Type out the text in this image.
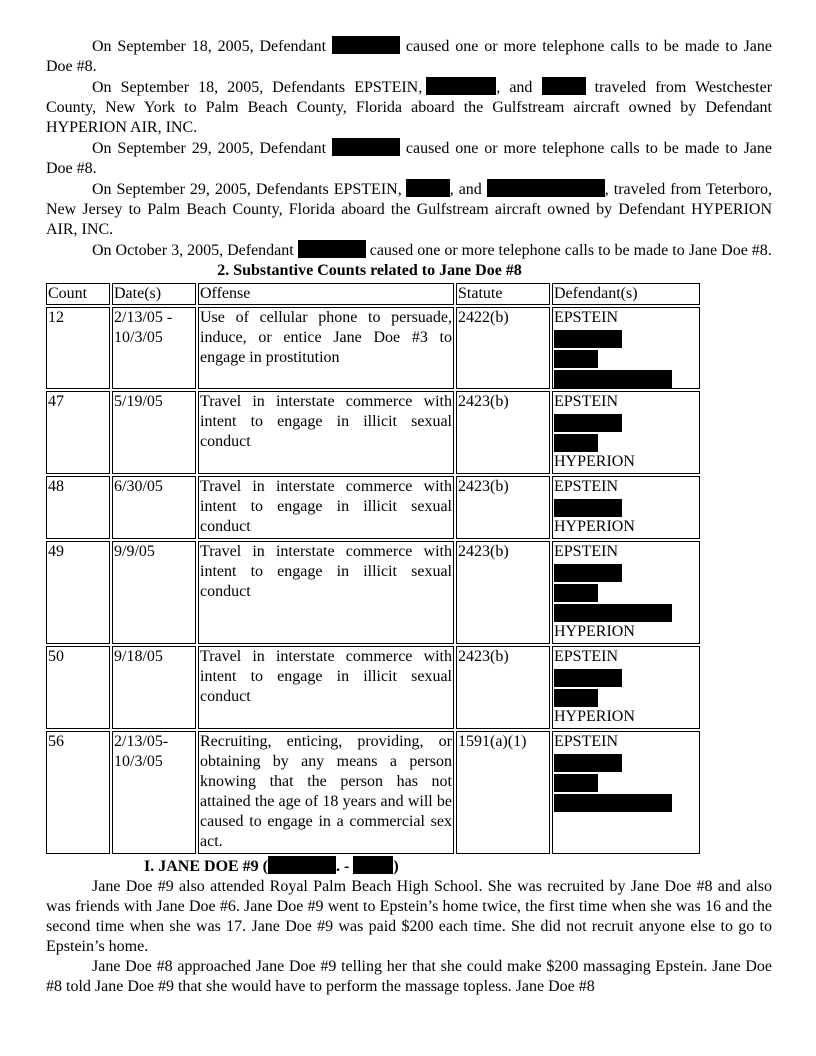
On September 18, 2005, Defendant	caused one or more telephone calls to be made to Jane Doe #8.

On September 18, 2005, Defendants EPSTEIN,	, and	traveled from Westchester County, New York to Palm Beach County, Florida aboard the Gulfstream aircraft owned by Defendant HYPERION AIR, INC.

On September 29, 2005, Defendant	caused one or more telephone calls to be made to Jane Doe #8.

On September 29, 2005, Defendants EPSTEIN,	, and	, traveled from Teterboro, New Jersey to Palm Beach County, Florida aboard the Gulfstream aircraft owned by Defendant HYPERION AIR, INC.

On October 3, 2005, Defendant	caused one or more telephone calls to be made to Jane Doe #8.

2. Substantive Counts related to Jane Doe #8

Count	Date(s)	Offense	Statute	Defendant(s)
12	2/13/05 - 10/3/05	Use of cellular phone to persuade, induce, or entice Jane Doe #3 to engage in prostitution	2422(b)	EPSTEIN

47	5/19/05	Travel in interstate commerce with intent to engage in illicit sexual conduct	2423(b)	EPSTEIN
HYPERION

48	6/30/05	Travel in interstate commerce with intent to engage in illicit sexual conduct	2423(b)	EPSTEIN
HYPERION

49	9/9/05	Travel in interstate commerce with intent to engage in illicit sexual conduct	2423(b)	EPSTEIN
HYPERION

50	9/18/05	Travel in interstate commerce with intent to engage in illicit sexual conduct	2423(b)	EPSTEIN
HYPERION

56	2/13/05- 10/3/05	Recruiting, enticing, providing, or obtaining by any means a person knowing that the person has not attained the age of 18 years and will be caused to engage in a commercial sex act.	1591(a)(1)	EPSTEIN

I. JANE DOE #9 (	. -	)

Jane Doe #9 also attended Royal Palm Beach High School. She was recruited by Jane Doe #8 and also was friends with Jane Doe #6. Jane Doe #9 went to Epstein’s home twice, the first time when she was 16 and the second time when she was 17. Jane Doe #9 was paid $200 each time. She did not recruit anyone else to go to Epstein’s home.

Jane Doe #8 approached Jane Doe #9 telling her that she could make $200 massaging Epstein. Jane Doe #8 told Jane Doe #9 that she would have to perform the massage topless. Jane Doe #8
